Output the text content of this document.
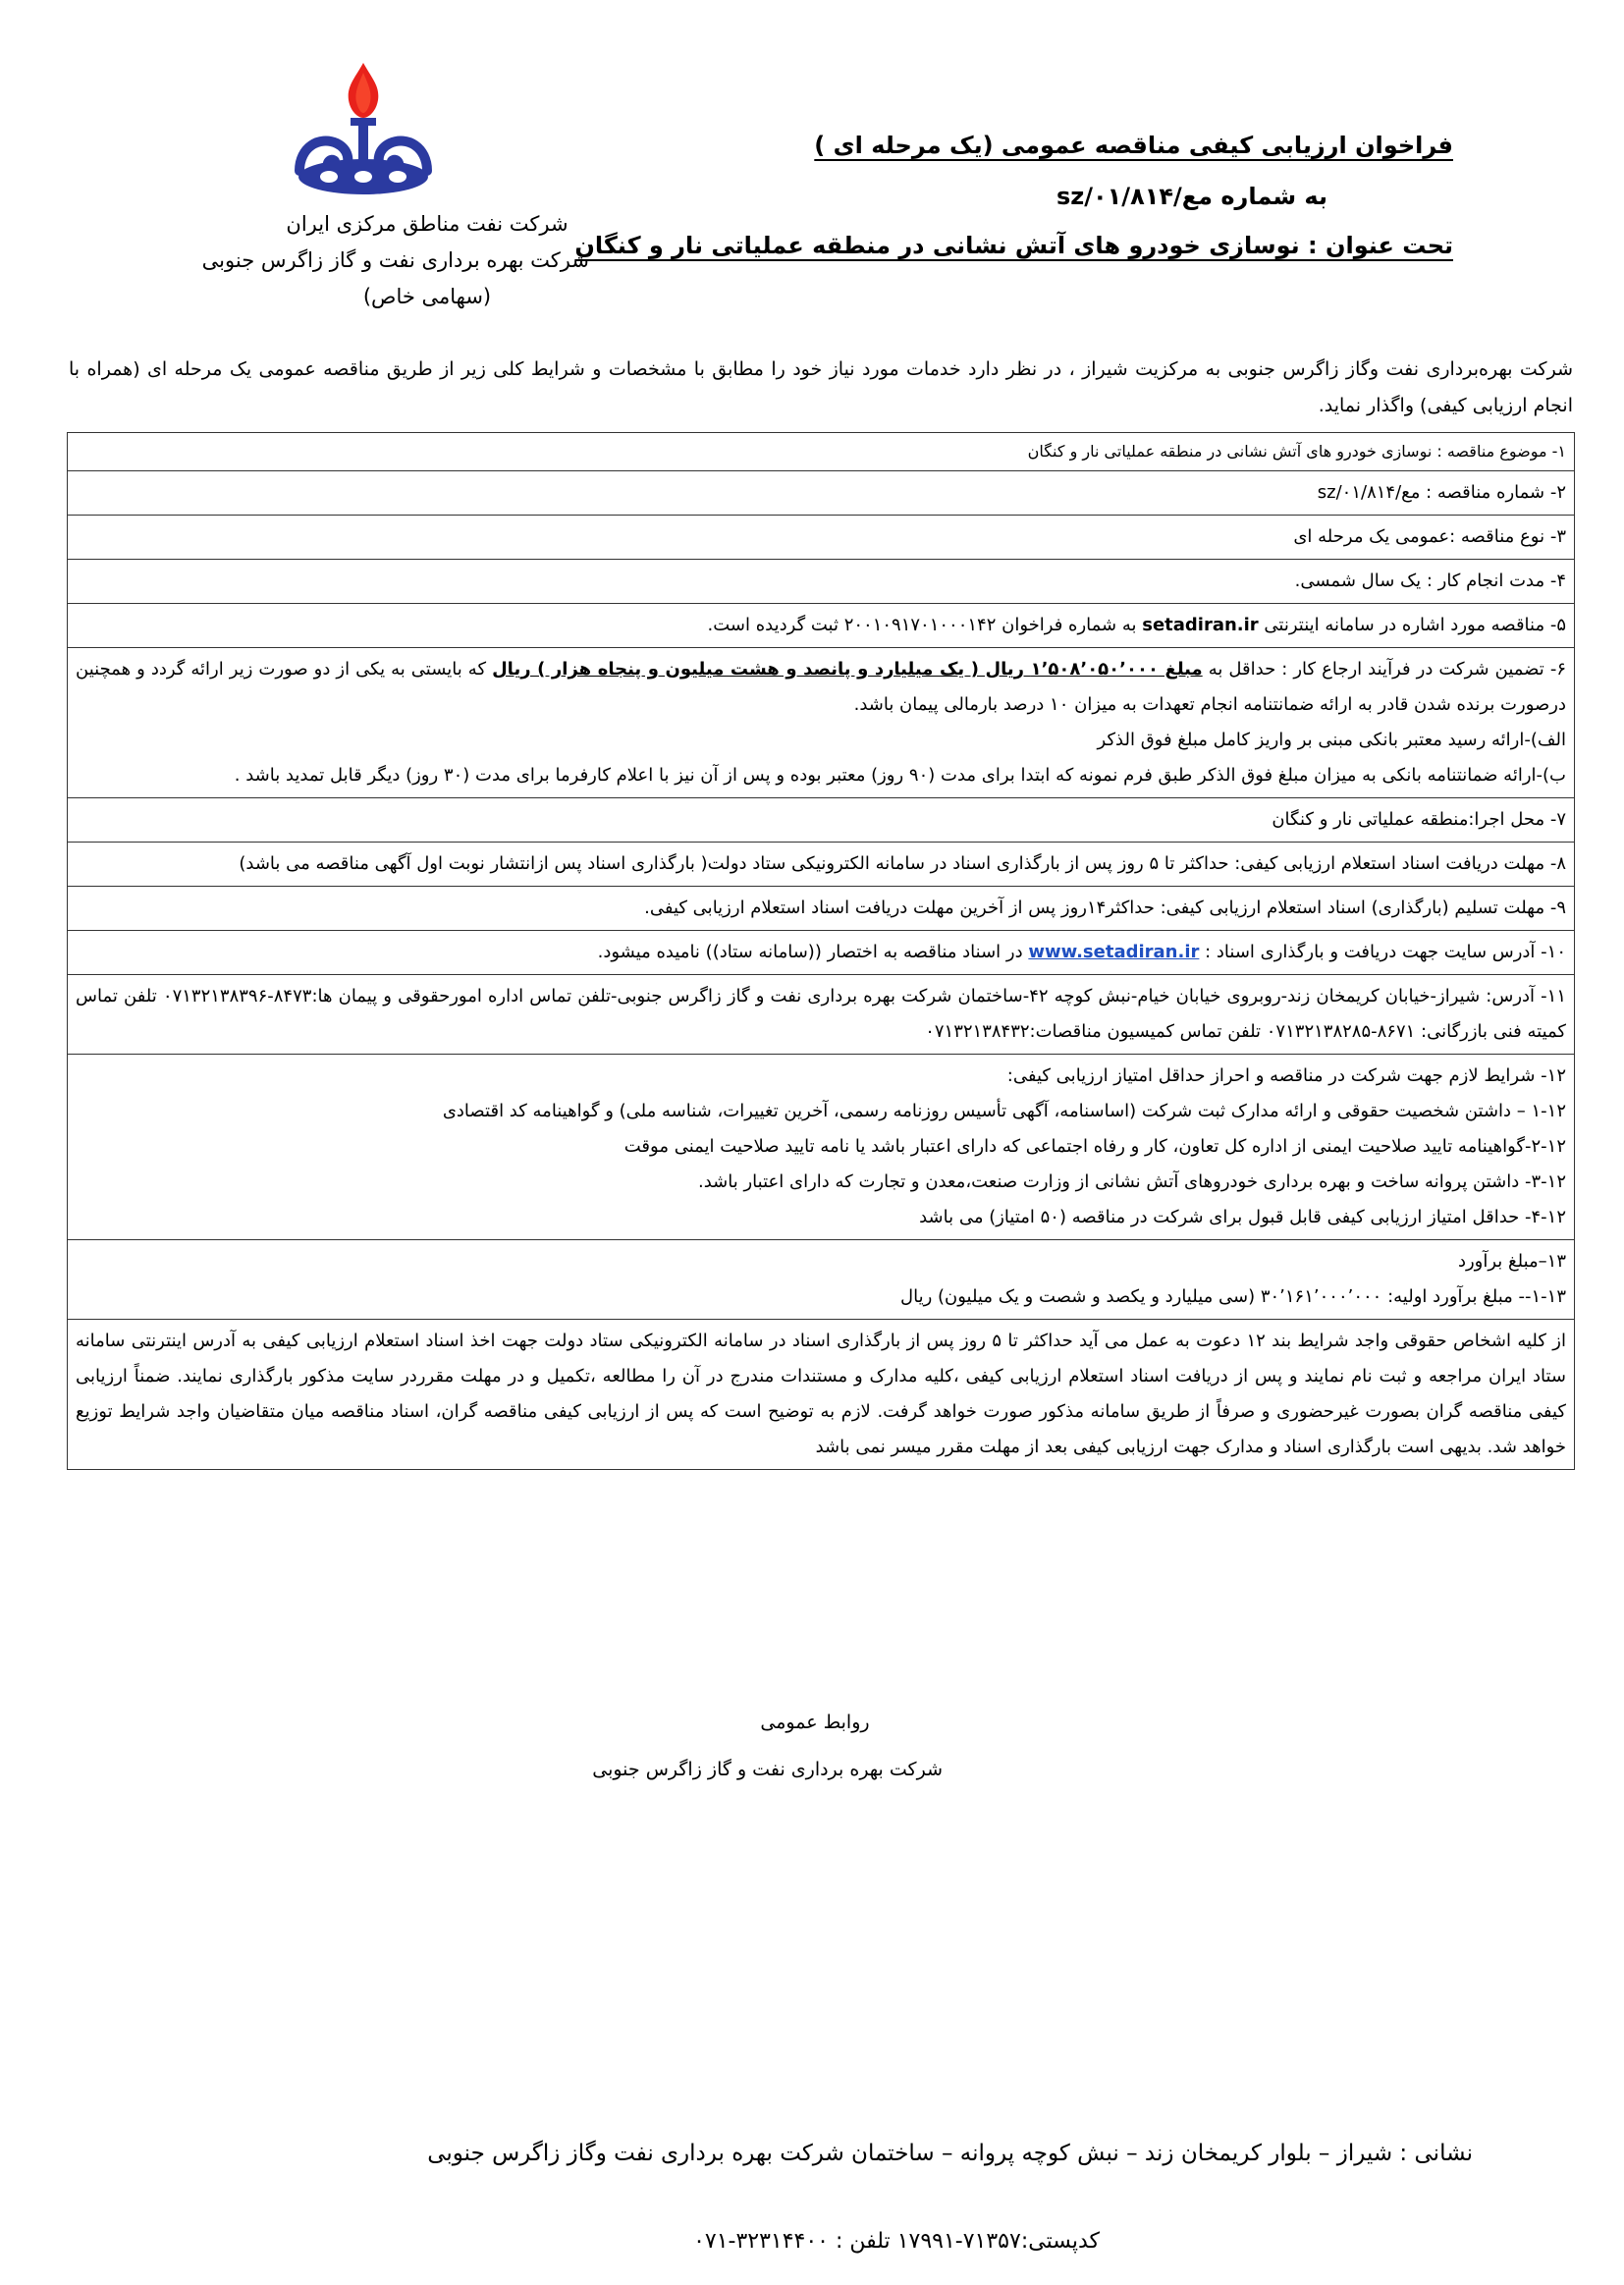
شرکت نفت مناطق مرکزی ایران
شرکت بهره برداری نفت و گاز زاگرس جنوبی
(سهامی خاص)
فراخوان ارزیابی کیفی مناقصه عمومی (یک مرحله ای )
به شماره مع/sz/۰۱/۸۱۴
تحت عنوان : نوسازی خودرو های آتش نشانی در منطقه عملیاتی نار و کنگان
شرکت بهره‌برداری نفت وگاز زاگرس جنوبی به مرکزیت شیراز ، در نظر دارد خدمات مورد نیاز خود را مطابق با مشخصات و شرایط کلی زیر از طریق مناقصه عمومی یک مرحله ای (همراه با انجام ارزیابی کیفی) واگذار نماید.
۱- موضوع مناقصه : نوسازی خودرو های آتش نشانی در منطقه عملیاتی نار و کنگان
۲- شماره مناقصه : مع/sz/۰۱/۸۱۴
۳- نوع مناقصه :عمومی یک مرحله ای
۴- مدت انجام کار : یک سال شمسی.
۵- مناقصه مورد اشاره در سامانه اینترنتی setadiran.ir به شماره فراخوان ۲۰۰۱۰۹۱۷۰۱۰۰۰۱۴۲ ثبت گردیده است.
۶- تضمین شرکت در فرآیند ارجاع کار : حداقل به مبلغ ۱٬۵۰۸٬۰۵۰٬۰۰۰ ریال ( یک میلیارد و پانصد و هشت میلیون و پنجاه هزار ) ریال که بایستی به یکی از دو صورت زیر ارائه گردد و همچنین درصورت برنده شدن قادر به ارائه ضمانتنامه انجام تعهدات به میزان ۱۰ درصد بارمالی پیمان باشد.
الف)-ارائه رسید معتبر بانکی مبنی بر واریز کامل مبلغ فوق الذکر
ب)-ارائه ضمانتنامه بانکی به میزان مبلغ فوق الذکر طبق فرم نمونه که ابتدا برای مدت (۹۰ روز) معتبر بوده و پس از آن نیز با اعلام کارفرما برای مدت (۳۰ روز) دیگر قابل تمدید باشد .

۷- محل اجرا:منطقه عملیاتی نار و کنگان
۸- مهلت دریافت اسناد استعلام ارزیابی کیفی: حداکثر تا ۵ روز پس از بارگذاری اسناد در سامانه الکترونیکی ستاد دولت( بارگذاری اسناد پس ازانتشار نوبت اول آگهی مناقصه می باشد)
۹- مهلت تسلیم (بارگذاری) اسناد استعلام ارزیابی کیفی: حداکثر۱۴روز پس از آخرین مهلت دریافت اسناد استعلام ارزیابی کیفی.
۱۰- آدرس سایت جهت دریافت و بارگذاری اسناد : www.setadiran.ir در اسناد مناقصه به اختصار ((سامانه ستاد)) نامیده میشود.
۱۱- آدرس: شیراز-خیابان کریمخان زند-روبروی خیابان خیام-نبش کوچه ۴۲-ساختمان شرکت بهره برداری نفت و گاز زاگرس جنوبی-تلفن تماس اداره امورحقوقی و پیمان ها:۸۴۷۳-۰۷۱۳۲۱۳۸۳۹۶ تلفن تماس کمیته فنی بازرگانی: ۸۶۷۱-۰۷۱۳۲۱۳۸۲۸۵ تلفن تماس کمیسیون مناقصات:۰۷۱۳۲۱۳۸۴۳۲

۱۲- شرایط لازم جهت شرکت در مناقصه و احراز حداقل امتیاز ارزیابی کیفی:
۱-۱۲ – داشتن شخصیت حقوقی و ارائه مدارک ثبت شرکت (اساسنامه، آگهی تأسیس روزنامه رسمی، آخرین تغییرات، شناسه ملی) و گواهینامه کد اقتصادی
۲-۱۲-گواهینامه تایید صلاحیت ایمنی از اداره کل تعاون، کار و رفاه اجتماعی که دارای اعتبار باشد یا نامه تایید صلاحیت ایمنی موقت
۳-۱۲- داشتن پروانه ساخت و بهره برداری خودروهای آتش نشانی از وزارت صنعت،معدن و تجارت که دارای اعتبار باشد.
۴-۱۲- حداقل امتیاز ارزیابی کیفی قابل قبول برای شرکت در مناقصه (۵۰ امتیاز) می باشد

۱۳–مبلغ برآورد
۱-۱۳-- مبلغ برآورد اولیه: ۳۰٬۱۶۱٬۰۰۰٬۰۰۰ (سی میلیارد و یکصد و شصت و یک میلیون) ریال

از کلیه اشخاص حقوقی واجد شرایط بند ۱۲ دعوت به عمل می آید حداکثر تا ۵ روز پس از بارگذاری اسناد در سامانه الکترونیکی ستاد دولت جهت اخذ اسناد استعلام ارزیابی کیفی به آدرس اینترنتی سامانه ستاد ایران مراجعه و ثبت نام نمایند و پس از دریافت اسناد استعلام ارزیابی کیفی ،کلیه مدارک و مستندات مندرج در آن را مطالعه ،تکمیل و در مهلت مقرردر سایت مذکور بارگذاری نمایند. ضمناً ارزیابی کیفی مناقصه گران بصورت غیرحضوری و صرفاً از طریق سامانه مذکور صورت خواهد گرفت. لازم به توضیح است که پس از ارزیابی کیفی مناقصه گران، اسناد مناقصه میان متقاضیان واجد شرایط توزیع خواهد شد. بدیهی است بارگذاری اسناد و مدارک جهت ارزیابی کیفی بعد از مهلت مقرر میسر نمی باشد
روابط عمومی
شرکت بهره برداری نفت و گاز زاگرس جنوبی
نشانی : شیراز – بلوار کریمخان زند – نبش کوچه پروانه – ساختمان شرکت بهره برداری نفت وگاز زاگرس جنوبی
کدپستی:۷۱۳۵۷-۱۷۹۹۱ تلفن : ۳۲۳۱۴۴۰۰-۰۷۱
